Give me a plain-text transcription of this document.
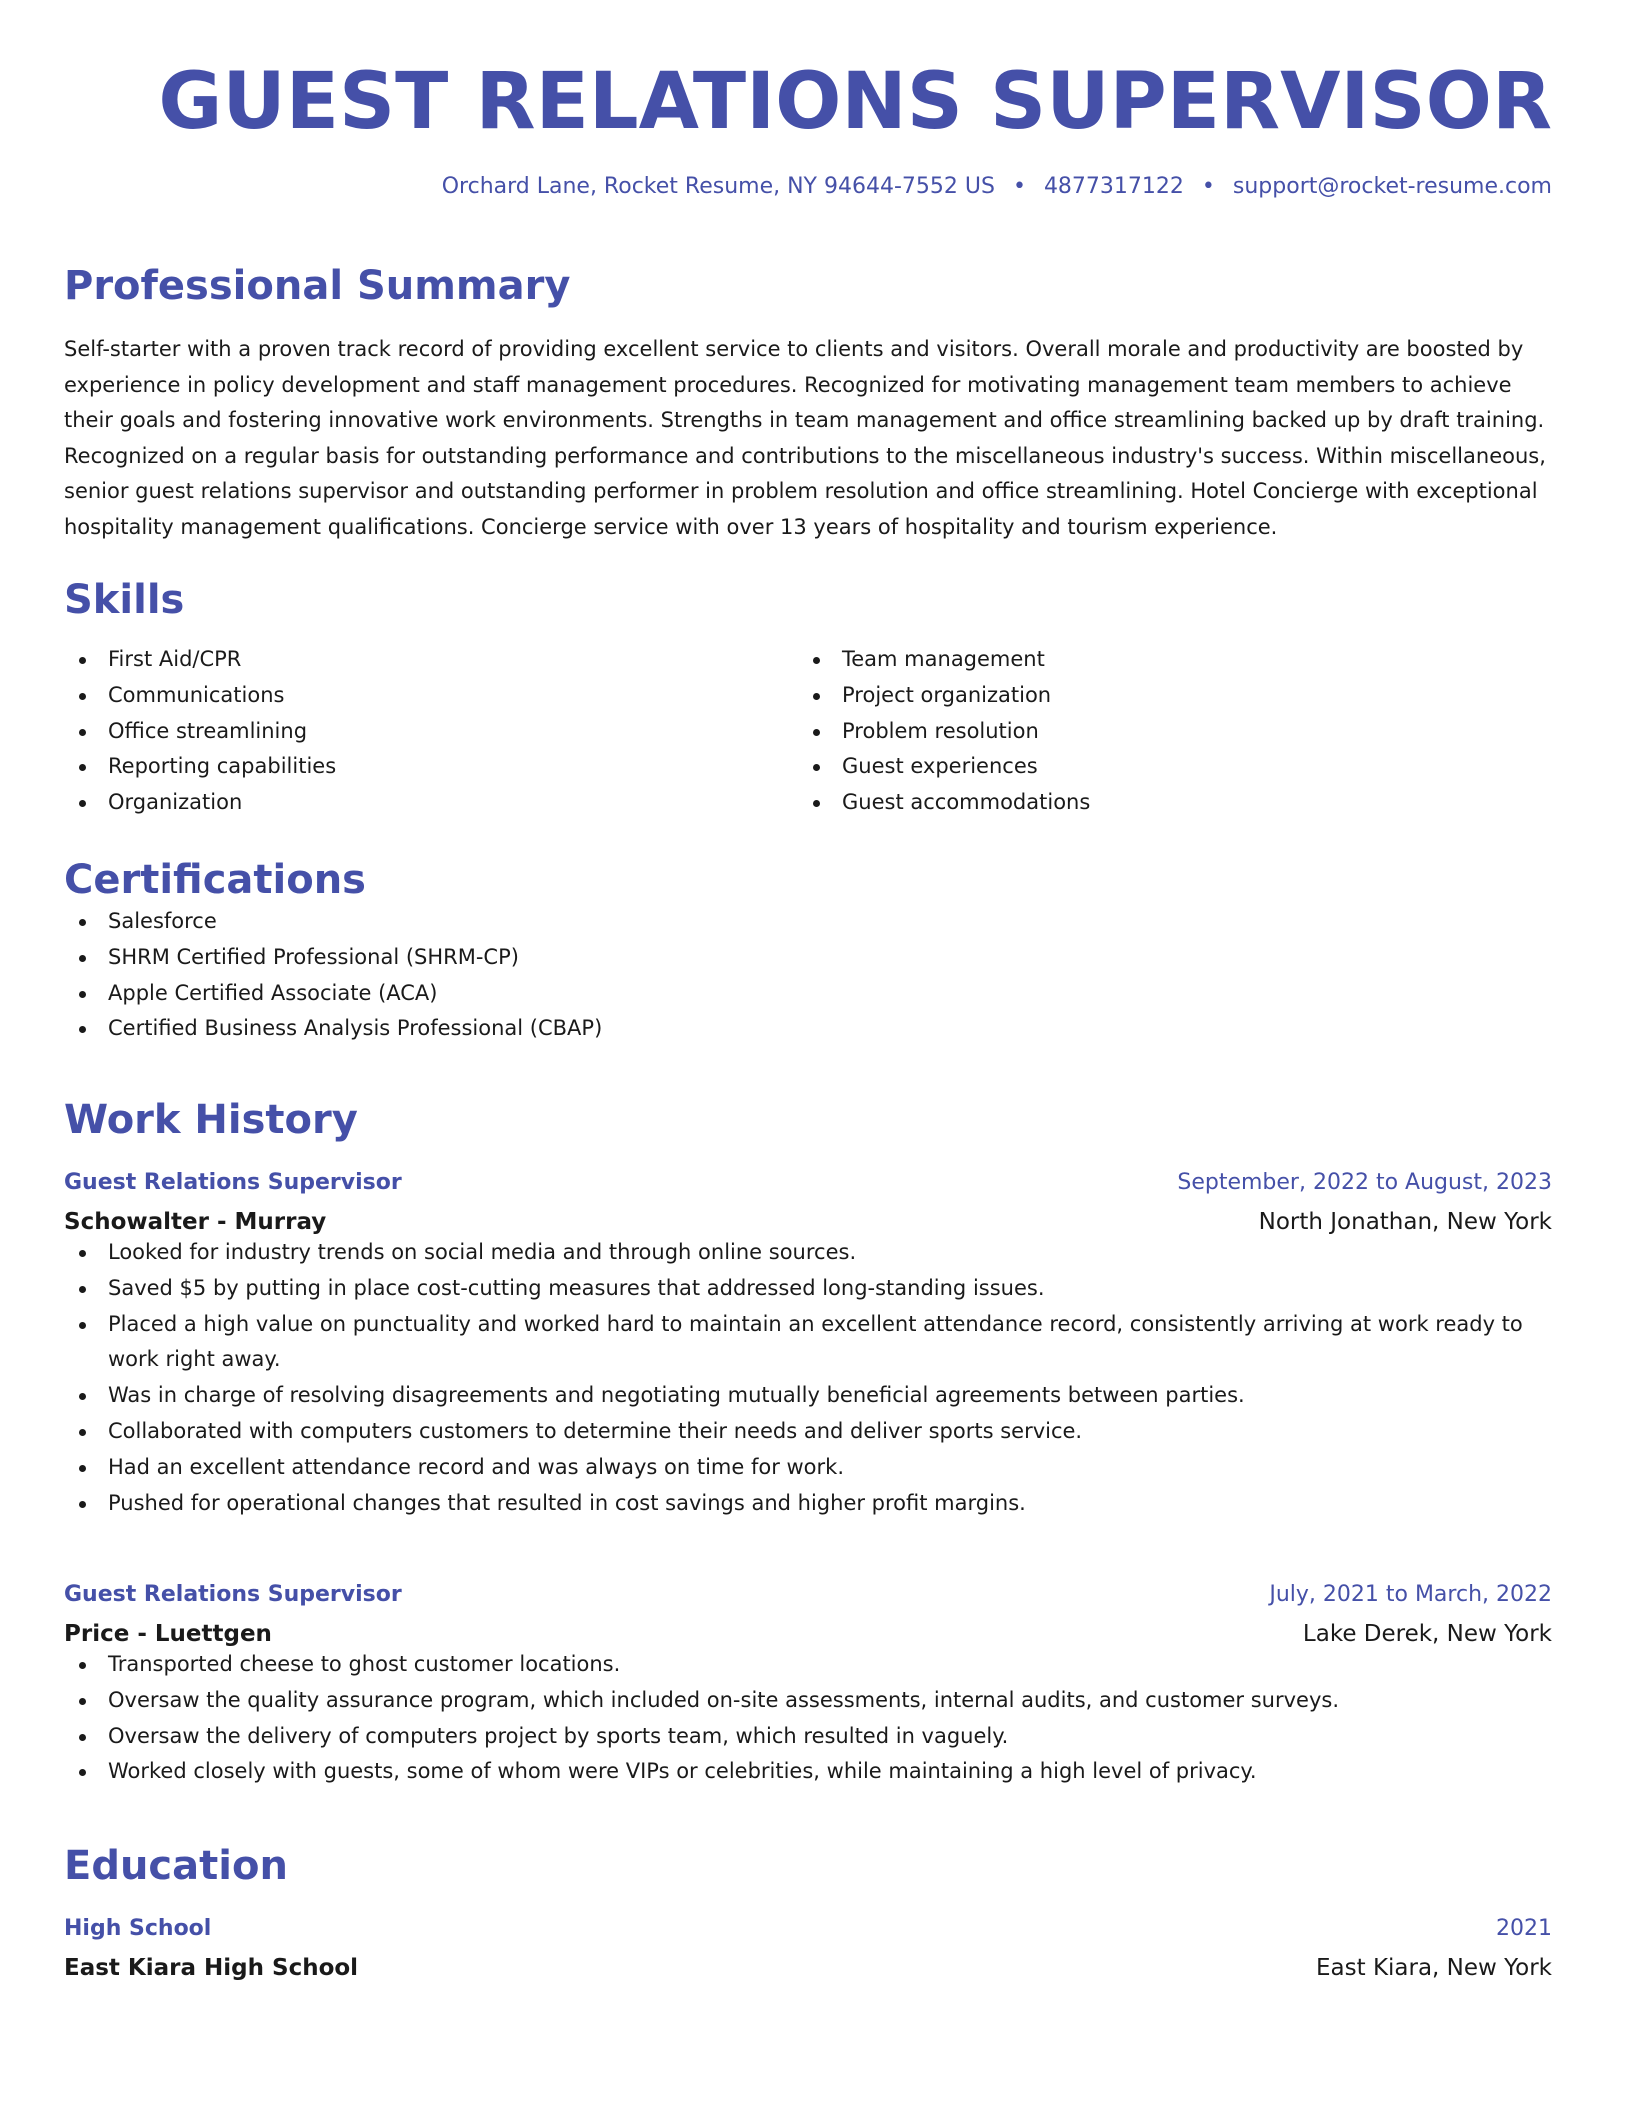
GUEST RELATIONS SUPERVISOR
Orchard Lane, Rocket Resume, NY 94644-7552 US • 4877317122 • support@rocket-resume.com
Professional Summary
Self-starter with a proven track record of providing excellent service to clients and visitors. Overall morale and productivity are boosted by experience in policy development and staff management procedures. Recognized for motivating management team members to achieve their goals and fostering innovative work environments. Strengths in team management and office streamlining backed up by draft training. Recognized on a regular basis for outstanding performance and contributions to the miscellaneous industry's success. Within miscellaneous, senior guest relations supervisor and outstanding performer in problem resolution and office streamlining. Hotel Concierge with exceptional hospitality management qualifications. Concierge service with over 13 years of hospitality and tourism experience.
Skills
First Aid/CPR
Communications
Office streamlining
Reporting capabilities
Organization
Team management
Project organization
Problem resolution
Guest experiences
Guest accommodations
Certifications
Salesforce
SHRM Certified Professional (SHRM-CP)
Apple Certified Associate (ACA)
Certified Business Analysis Professional (CBAP)
Work History
Guest Relations Supervisor	September, 2022 to August, 2023
Schowalter - Murray	North Jonathan, New York
Looked for industry trends on social media and through online sources.
Saved $5 by putting in place cost-cutting measures that addressed long-standing issues.
Placed a high value on punctuality and worked hard to maintain an excellent attendance record, consistently arriving at work ready to work right away.
Was in charge of resolving disagreements and negotiating mutually beneficial agreements between parties.
Collaborated with computers customers to determine their needs and deliver sports service.
Had an excellent attendance record and was always on time for work.
Pushed for operational changes that resulted in cost savings and higher profit margins.
Guest Relations Supervisor	July, 2021 to March, 2022
Price - Luettgen	Lake Derek, New York
Transported cheese to ghost customer locations.
Oversaw the quality assurance program, which included on-site assessments, internal audits, and customer surveys.
Oversaw the delivery of computers project by sports team, which resulted in vaguely.
Worked closely with guests, some of whom were VIPs or celebrities, while maintaining a high level of privacy.
Education
High School	2021
East Kiara High School	East Kiara, New York
